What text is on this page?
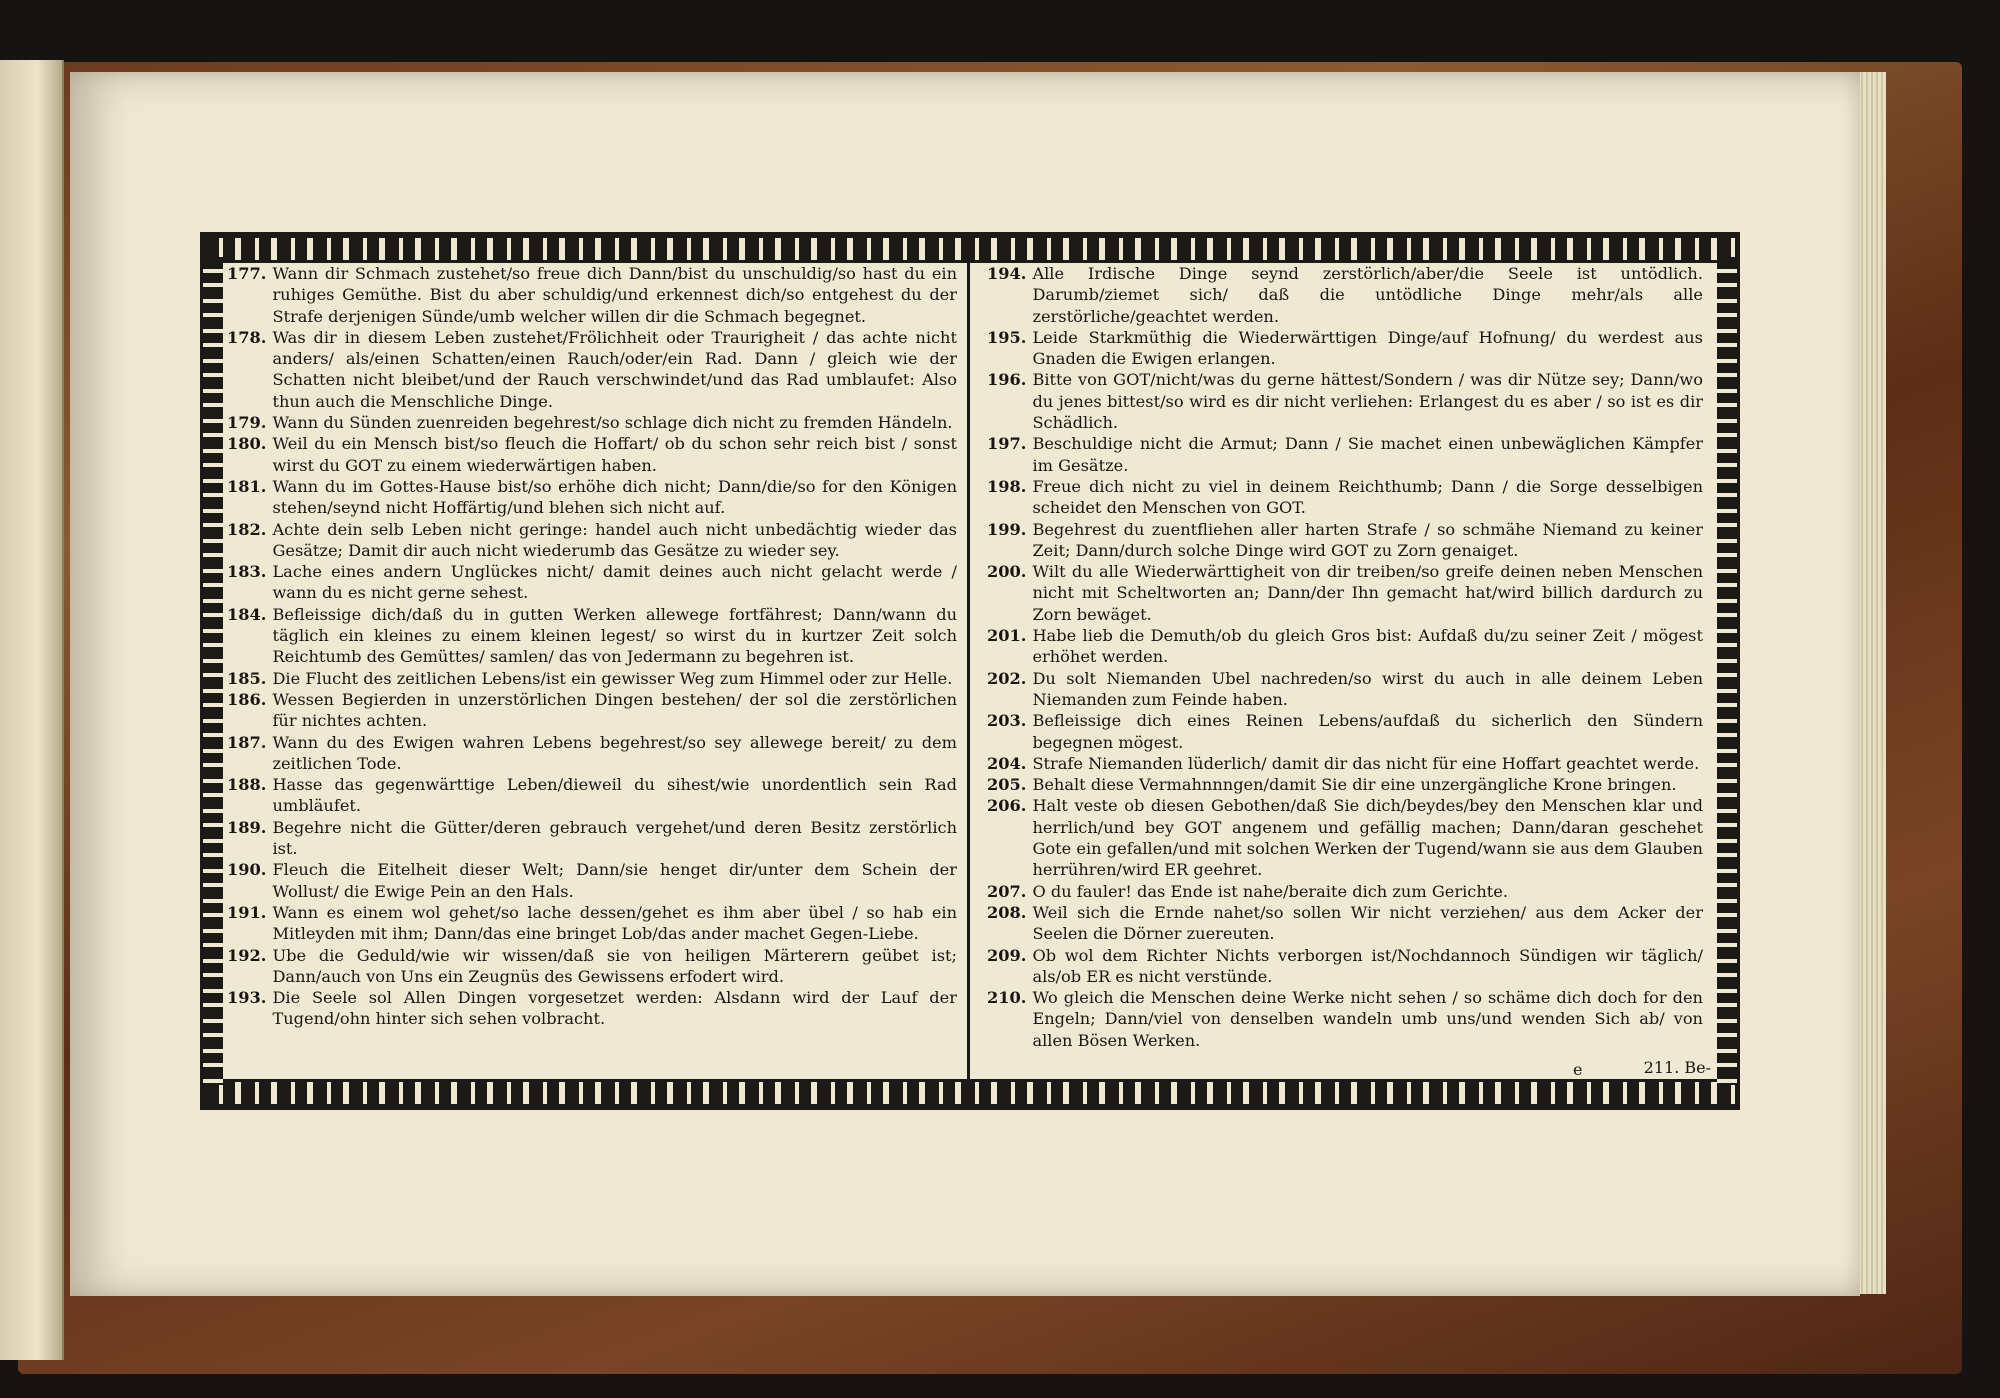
177. Wann dir Schmach zustehet/so freue dich Dann/bist du unschuldig/so hast du ein ruhiges Gemüthe. Bist du aber schuldig/und erkennest dich/so entgehest du der Strafe derjenigen Sünde/umb welcher willen dir die Schmach begegnet.
178. Was dir in diesem Leben zustehet/Frölichheit oder Traurigheit / das achte nicht anders/ als/einen Schatten/einen Rauch/oder/ein Rad. Dann / gleich wie der Schatten nicht bleibet/und der Rauch verschwindet/und das Rad umblaufet: Also thun auch die Menschliche Dinge.
179. Wann du Sünden zuenreiden begehrest/so schlage dich nicht zu fremden Händeln.
180. Weil du ein Mensch bist/so fleuch die Hoffart/ ob du schon sehr reich bist / sonst wirst du GOT zu einem wiederwärtigen haben.
181. Wann du im Gottes-Hause bist/so erhöhe dich nicht; Dann/die/so for den Königen stehen/seynd nicht Hoffärtig/und blehen sich nicht auf.
182. Achte dein selb Leben nicht geringe: handel auch nicht unbedächtig wieder das Gesätze; Damit dir auch nicht wiederumb das Gesätze zu wieder sey.
183. Lache eines andern Unglückes nicht/ damit deines auch nicht gelacht werde / wann du es nicht gerne sehest.
184. Befleissige dich/daß du in gutten Werken allewege fortfährest; Dann/wann du täglich ein kleines zu einem kleinen legest/ so wirst du in kurtzer Zeit solch Reichtumb des Gemüttes/ samlen/ das von Jedermann zu begehren ist.
185. Die Flucht des zeitlichen Lebens/ist ein gewisser Weg zum Himmel oder zur Helle.
186. Wessen Begierden in unzerstörlichen Dingen bestehen/ der sol die zerstörlichen für nichtes achten.
187. Wann du des Ewigen wahren Lebens begehrest/so sey allewege bereit/ zu dem zeitlichen Tode.
188. Hasse das gegenwärttige Leben/dieweil du sihest/wie unordentlich sein Rad umbläufet.
189. Begehre nicht die Gütter/deren gebrauch vergehet/und deren Besitz zerstörlich ist.
190. Fleuch die Eitelheit dieser Welt; Dann/sie henget dir/unter dem Schein der Wollust/ die Ewige Pein an den Hals.
191. Wann es einem wol gehet/so lache dessen/gehet es ihm aber übel / so hab ein Mitleyden mit ihm; Dann/das eine bringet Lob/das ander machet Gegen-Liebe.
192. Ube die Geduld/wie wir wissen/daß sie von heiligen Märterern geübet ist; Dann/auch von Uns ein Zeugnüs des Gewissens erfodert wird.
193. Die Seele sol Allen Dingen vorgesetzet werden: Alsdann wird der Lauf der Tugend/ohn hinter sich sehen volbracht.
194. Alle Irdische Dinge seynd zerstörlich/aber/die Seele ist untödlich. Darumb/ziemet sich/ daß die untödliche Dinge mehr/als alle zerstörliche/geachtet werden.
195. Leide Starkmüthig die Wiederwärttigen Dinge/auf Hofnung/ du werdest aus Gnaden die Ewigen erlangen.
196. Bitte von GOT/nicht/was du gerne hättest/Sondern / was dir Nütze sey; Dann/wo du jenes bittest/so wird es dir nicht verliehen: Erlangest du es aber / so ist es dir Schädlich.
197. Beschuldige nicht die Armut; Dann / Sie machet einen unbewäglichen Kämpfer im Gesätze.
198. Freue dich nicht zu viel in deinem Reichthumb; Dann / die Sorge desselbigen scheidet den Menschen von GOT.
199. Begehrest du zuentfliehen aller harten Strafe / so schmähe Niemand zu keiner Zeit; Dann/durch solche Dinge wird GOT zu Zorn genaiget.
200. Wilt du alle Wiederwärttigheit von dir treiben/so greife deinen neben Menschen nicht mit Scheltworten an; Dann/der Ihn gemacht hat/wird billich dardurch zu Zorn bewäget.
201. Habe lieb die Demuth/ob du gleich Gros bist: Aufdaß du/zu seiner Zeit / mögest erhöhet werden.
202. Du solt Niemanden Ubel nachreden/so wirst du auch in alle deinem Leben Niemanden zum Feinde haben.
203. Befleissige dich eines Reinen Lebens/aufdaß du sicherlich den Sündern begegnen mögest.
204. Strafe Niemanden lüderlich/ damit dir das nicht für eine Hoffart geachtet werde.
205. Behalt diese Vermahnnngen/damit Sie dir eine unzergängliche Krone bringen.
206. Halt veste ob diesen Gebothen/daß Sie dich/beydes/bey den Menschen klar und herrlich/und bey GOT angenem und gefällig machen; Dann/daran geschehet Gote ein gefallen/und mit solchen Werken der Tugend/wann sie aus dem Glauben herrühren/wird ER geehret.
207. O du fauler! das Ende ist nahe/beraite dich zum Gerichte.
208. Weil sich die Ernde nahet/so sollen Wir nicht verziehen/ aus dem Acker der Seelen die Dörner zuereuten.
209. Ob wol dem Richter Nichts verborgen ist/Nochdannoch Sündigen wir täglich/ als/ob ER es nicht verstünde.
210. Wo gleich die Menschen deine Werke nicht sehen / so schäme dich doch for den Engeln; Dann/viel von denselben wandeln umb uns/und wenden Sich ab/ von allen Bösen Werken.
e	211. Be-
